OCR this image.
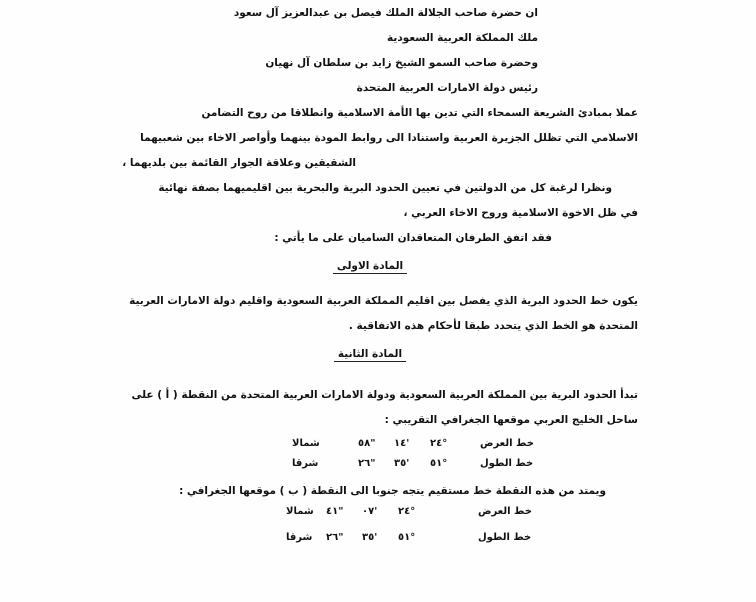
ان حضرة صاحب الجلالة الملك فيصل بن عبدالعزيز آل سعود
ملك المملكة العربية السعودية
وحضرة صاحب السمو الشيخ زايد بن سلطان آل نهيان
رئيس دولة الامارات العربية المتحدة
عملا بمبادئ الشريعة السمحاء التي تدين بها الأمة الاسلامية وانطلاقا من روح التضامن
الاسلامي التي تظلل الجزيرة العربية واستنادا الى روابط المودة بينهما وأواصر الاخاء بين شعبيهما
الشقيقين وعلاقة الجوار القائمة بين بلديهما ،
ونظرا لرغبة كل من الدولتين في تعيين الحدود البرية والبحرية بين اقليميهما بصفة نهائية
في ظل الاخوة الاسلامية وروح الاخاء العربي ،
فقد اتفق الطرفان المتعاقدان الساميان على ما يأتي :
المادة الاولى
يكون خط الحدود البرية الذي يفصل بين اقليم المملكة العربية السعودية واقليم دولة الامارات العربية
المتحدة هو الخط الذي يتحدد طبقا لأحكام هذه الاتفاقية .
المادة الثانية
تبدأ الحدود البرية بين المملكة العربية السعودية ودولة الامارات العربية المتحدة من النقطة ( أ ) على
ساحل الخليج العربي موقعها الجغرافي التقريبي :
خط العرض
٢٤°
١٤'
٥٨"
شمالا
خط الطول
٥١°
٣٥'
٢٦"
شرقا
ويمتد من هذه النقطة خط مستقيم يتجه جنوبا الى النقطة ( ب ) موقعها الجغرافي :
خط العرض
٢٤°
٠٧'
٤١"
شمالا
خط الطول
٥١°
٣٥'
٢٦"
شرقا
